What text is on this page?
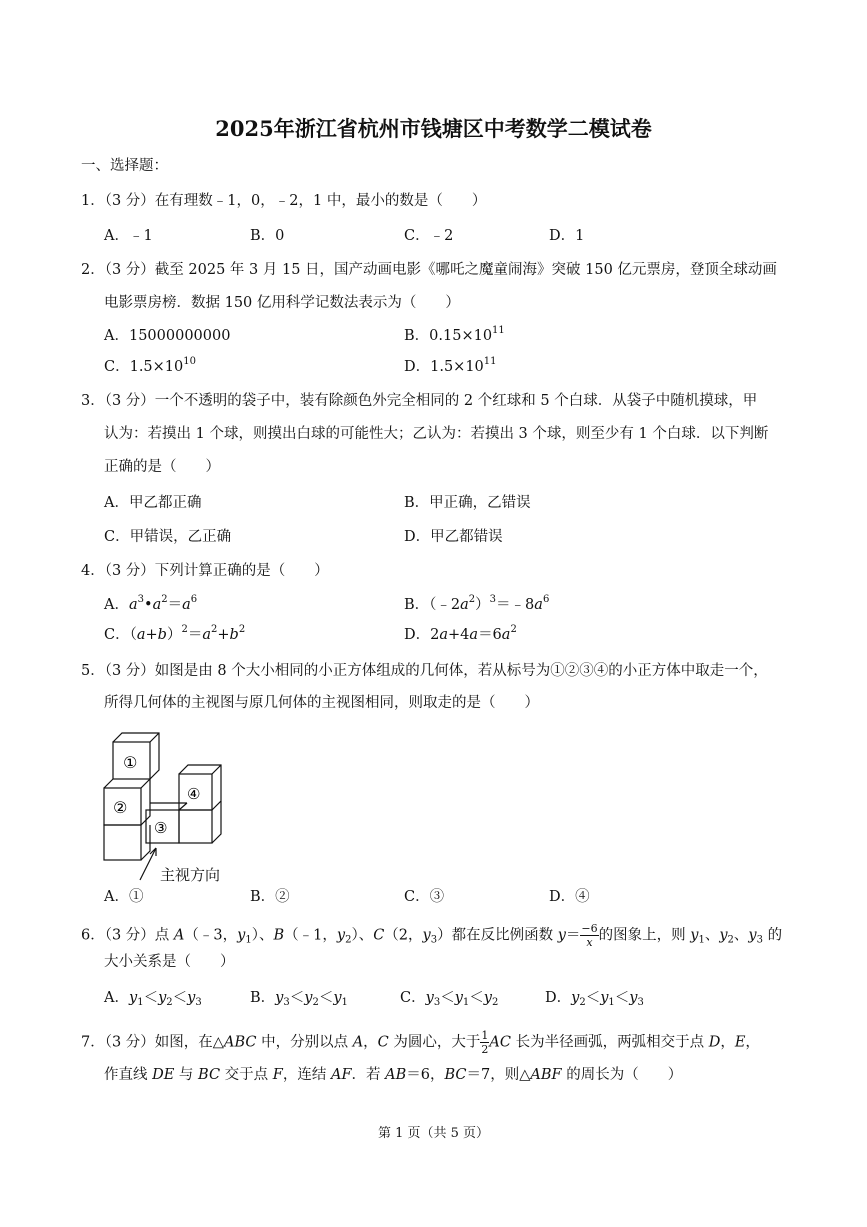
2025年浙江省杭州市钱塘区中考数学二模试卷
一、选择题：
1．（3 分）在有理数﹣1，0，﹣2，1 中，最小的数是（　　）
A．﹣1	B．0	C．﹣2	D．1
2．（3 分）截至 2025 年 3 月 15 日，国产动画电影《哪吒之魔童闹海》突破 150 亿元票房，登顶全球动画
电影票房榜．数据 150 亿用科学记数法表示为（　　）
A．15000000000	B．$0.15\times 10^{11}$
C．$1.5\times 10^{10}$	D．$1.5\times 10^{11}$
3．（3 分）一个不透明的袋子中，装有除颜色外完全相同的 2 个红球和 5 个白球．从袋子中随机摸球，甲
认为：若摸出 1 个球，则摸出白球的可能性大；乙认为：若摸出 3 个球，则至少有 1 个白球．以下判断
正确的是（　　）
A．甲乙都正确	B．甲正确，乙错误
C．甲错误，乙正确	D．甲乙都错误
4．（3 分）下列计算正确的是（　　）
A．$a^3•a^2=a^6$	B．$(﹣2a^2)^3=﹣8a^6$
C．$(a+b)^2=a^2+b^2$	D．$2a+4a=6a^2$
5．（3 分）如图是由 8 个大小相同的小正方体组成的几何体，若从标号为①②③④的小正方体中取走一个，
所得几何体的主视图与原几何体的主视图相同，则取走的是（　　）
①
②
③
④
主视方向
A．①	B．②	C．③	D．④
6．（3 分）点 A（﹣3，$y_1$）、B（﹣1，$y_2$）、C（2，$y_3$）都在反比例函数 $y= \frac{-6}{x}$ 的图象上，则 $y_1$、$y_2$、$y_3$ 的
大小关系是（　　）
A．$y_1<y_2<y_3$	B．$y_3<y_2<y_1$	C．$y_3<y_1<y_2$	D．$y_2<y_1<y_3$
7．（3 分）如图，在△ABC 中，分别以点 A，C 为圆心，大于 $\frac{1}{2}$ AC 长为半径画弧，两弧相交于点 D，E，
作直线 DE 与 BC 交于点 F，连结 AF．若 AB＝6，BC＝7，则△ABF 的周长为（　　）
第 1 页（共 5 页）
